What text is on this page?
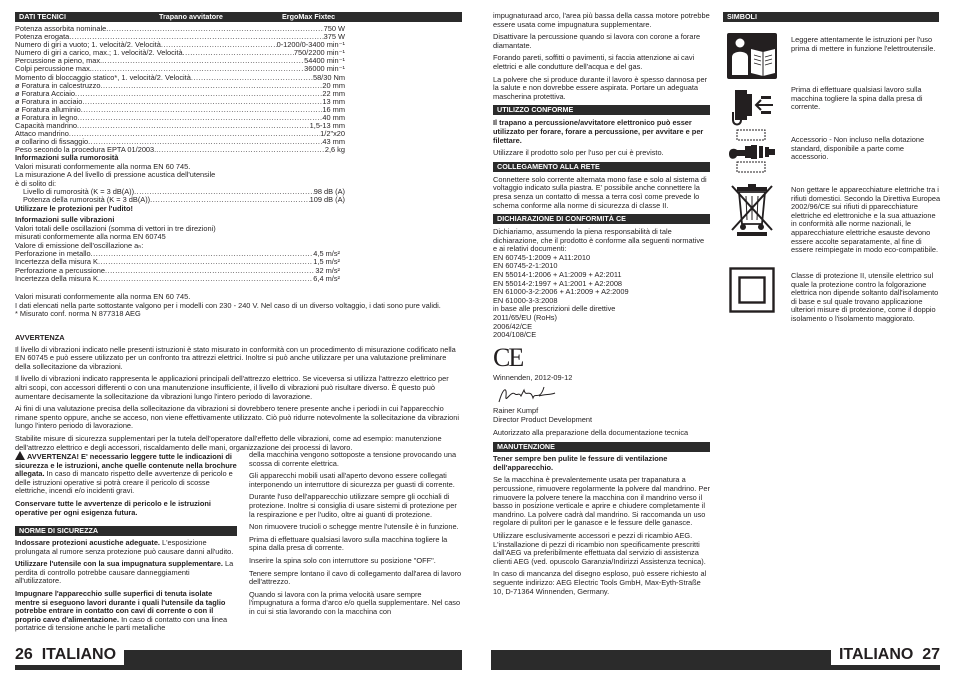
DATI TECNICI	Trapano avvitatore	ErgoMax Fixtec
Potenza assorbita nominale .....	750 W
Potenza erogata .....	375 W
Numero di giri a vuoto; 1. velocità/2. Velocità .....	0-1200/0-3400 min⁻¹
Numero di giri a carico, max.; 1. velocità/2. Velocità .....	750/2200 min⁻¹
Percussione a pieno, max. .....	54400 min⁻¹
Colpi percussione max. .....	36000 min⁻¹
Momento di bloccaggio statico*, 1. velocità/2. Velocità .....	58/30 Nm
ø Foratura in calcestruzzo .....	20 mm
ø Foratura Acciaio .....	22 mm
ø Foratura in acciaio .....	13 mm
ø Foratura alluminio .....	16 mm
ø Foratura in legno .....	40 mm
Capacità mandrino .....	1,5-13 mm
Attaco mandrino .....	1/2"x20
ø collarino di fissaggio .....	43 mm
Peso secondo la procedura EPTA 01/2003. .....	2,6 kg
Informazioni sulla rumorosità
Valori misurati conformemente alla norma EN 60 745.
La misurazione A del livello di pressione acustica dell'utensile
è di solito di:
Livello di rumorosità (K = 3 dB(A)) .....	98 dB (A)
Potenza della rumorosità (K = 3 dB(A)) .....	109 dB (A)
Utilizzare le protezioni per l'udito!
Informazioni sulle vibrazioni
Valori totali delle oscillazioni (somma di vettori in tre direzioni)
misurati conformemente alla norma EN 60745
Valore di emissione dell'oscillazione aₕ:
Perforazione in metallo .....	4,5 m/s²
Incertezza della misura K .....	1,5 m/s²
Perforazione a percussione .....	32 m/s²
Incertezza della misura K .....	6,4 m/s²
Valori misurati conformemente alla norma EN 60 745.
I dati elencati nella parte sottostante valgono per i modelli con 230 - 240 V. Nel caso di un diverso voltaggio, i dati sono pure validi.
* Misurato conf. norma N 877318 AEG
AVVERTENZA

Il livello di vibrazioni indicato nelle presenti istruzioni è stato misurato in conformità con un procedimento di misurazione codificato nella EN 60745 e può essere utilizzato per un confronto tra attrezzi elettrici. Inoltre si può anche utilizzare per una valutazione preliminare della sollecitazione da vibrazioni.

Il livello di vibrazioni indicato rappresenta le applicazioni principali dell'attrezzo elettrico. Se viceversa si utilizza l'attrezzo elettrico per altri scopi, con accessori differenti o con una manutenzione insufficiente, il livello di vibrazioni può risultare diverso. È questo può aumentare decisamente la sollecitazione da vibrazioni lungo l'intero periodo di lavorazione.

Ai fini di una valutazione precisa della sollecitazione da vibrazioni si dovrebbero tenere presente anche i periodi in cui l'apparecchio rimane spento oppure, anche se acceso, non viene effettivamente utilizzato. Ciò può ridurre notevolmente la sollecitazione da vibrazioni lungo l'intero periodo di lavorazione.

Stabilite misure di sicurezza supplementari per la tutela dell'operatore dall'effetto delle vibrazioni, come ad esempio: manutenzione dell'attrezzo elettrico e degli accessori, riscaldamento delle mani, organizzazione dei processi di lavoro.

AVVERTENZA! E' necessario leggere tutte le indicazioni di sicurezza e le istruzioni, anche quelle contenute nella brochure allegata. In caso di mancato rispetto delle avvertenze di pericolo e delle istruzioni operative si potrà creare il pericolo di scosse elettriche, incendi e/o incidenti gravi.

Conservare tutte le avvertenze di pericolo e le istruzioni operative per ogni esigenza futura.

NORME DI SICUREZZA

Indossare protezioni acustiche adeguate. L'esposizione prolungata al rumore senza protezione può causare danni all'udito.

Utilizzare l'utensile con la sua impugnatura supplementare. La perdita di controllo potrebbe causare danneggiamenti all'utilizzatore.

Impugnare l'apparecchio sulle superfici di tenuta isolate mentre si eseguono lavori durante i quali l'utensile da taglio potrebbe entrare in contatto con cavi di corrente o con il proprio cavo d'alimentazione. In caso di contatto con una linea portatrice di tensione anche le parti metalliche

della macchina vengono sottoposte a tensione provocando una scossa di corrente elettrica.

Gli apparecchi mobili usati all'aperto devono essere collegati interponendo un interruttore di sicurezza per guasti di corrente.

Durante l'uso dell'apparecchio utilizzare sempre gli occhiali di protezione. Inoltre si consiglia di usare sistemi di protezione per la respirazione e per l'udito, oltre ai guanti di protezione.

Non rimuovere trucioli o schegge mentre l'utensile è in funzione.

Prima di effettuare qualsiasi lavoro sulla macchina togliere la spina dalla presa di corrente.

Inserire la spina solo con interruttore su posizione "OFF".

Tenere sempre lontano il cavo di collegamento dall'area di lavoro dell'attrezzo.

Quando si lavora con la prima velocità usare sempre l'impugnatura a forma d'arco e/o quella supplementare. Nel caso in cui si stia lavorando con la macchina con

26 ITALIANO

impugnaturaad arco, l'area più bassa della cassa motore potrebbe essere usata come impugnatura supplementare.

Disattivare la percussione quando si lavora con corone a forare diamantate.

Forando pareti, soffitti o pavimenti, si faccia attenzione ai cavi elettrici e alle condutture dell'acqua e del gas.

La polvere che si produce durante il lavoro è spesso dannosa per la salute e non dovrebbe essere aspirata. Portare un adeguata mascherina protettiva.

UTILIZZO CONFORME

Il trapano a percussione/avvitatore elettronico può esser utilizzato per forare, forare a percussione, per avvitare e per filettare.

Utilizzare il prodotto solo per l'uso per cui è previsto.

COLLEGAMENTO ALLA RETE

Connettere solo corrente alternata mono fase e solo al sistema di voltaggio indicato sulla piastra. E' possibile anche connettere la presa senza un contatto di messa a terra così come prevede lo schema conforme alla norme di sicurezza di classe II.

DICHIARAZIONE DI CONFORMITÀ CE
Dichiariamo, assumendo la piena responsabilità di tale dichiarazione, che il prodotto è conforme alla seguenti normative e ai relativi documenti:
EN 60745-1:2009 + A11:2010
EN 60745-2-1:2010
EN 55014-1:2006 + A1:2009 + A2:2011
EN 55014-2:1997 + A1:2001 + A2:2008
EN 61000-3-2:2006 + A1:2009 + A2:2009
EN 61000-3-3:2008
in base alle prescrizioni delle direttive
2011/65/EU (RoHs)
2006/42/CE
2004/108/CE
CE
Winnenden, 2012-09-12
Rainer Kumpf
Director Product Development
Autorizzato alla preparazione della documentazione tecnica
MANUTENZIONE

Tener sempre ben pulite le fessure di ventilazione dell'apparecchio.

Se la macchina è prevalentemente usata per trapanatura a percussione, rimuovere regolarmente la polvere dal mandrino. Per rimuovere la polvere tenere la macchina con il mandrino verso il basso in posizione verticale e aprire e chiudere completamente il mandrino. La polvere cadrà dal mandrino. Si raccomanda un uso regolare di pulitori per le ganasce e le fessure delle ganasce.

Utilizzare esclusivamente accessori e pezzi di ricambio AEG. L'installazione di pezzi di ricambio non specificamente prescritti dall'AEG va preferibilmente effettuata dal servizio di assistenza clienti AEG (ved. opuscolo Garanzia/Indirizzi Assistenza tecnica).

In caso di mancanza del disegno esploso, può essere richiesto al seguente indirizzo: AEG Electric Tools GmbH, Max-Eyth-Straße 10, D-71364 Winnenden, Germany.

SIMBOLI
Leggere attentamente le istruzioni per l'uso prima di mettere in funzione l'elettroutensile.
Prima di effettuare qualsiasi lavoro sulla macchina togliere la spina dalla presa di corrente.
Accessorio - Non incluso nella dotazione standard, disponibile a parte come accessorio.
Non gettare le apparecchiature elettriche tra i rifiuti domestici. Secondo la Direttiva Europea 2002/96/CE sui rifiuti di pparecchiature elettriche ed elettroniche e la sua attuazione in conformità alle norme nazionali, le apparecchiature elettriche esauste devono essere accolte separatamente, al fine di essere reimpiegate in modo eco-compatibile.
Classe di protezione II, utensile elettrico sul quale la protezione contro la folgorazione elettrica non dipende soltanto dall'isolamento di base e sul quale trovano applicazione ulteriori misure di protezione, come il doppio isolamento o l'isolamento maggiorato.
ITALIANO 27
